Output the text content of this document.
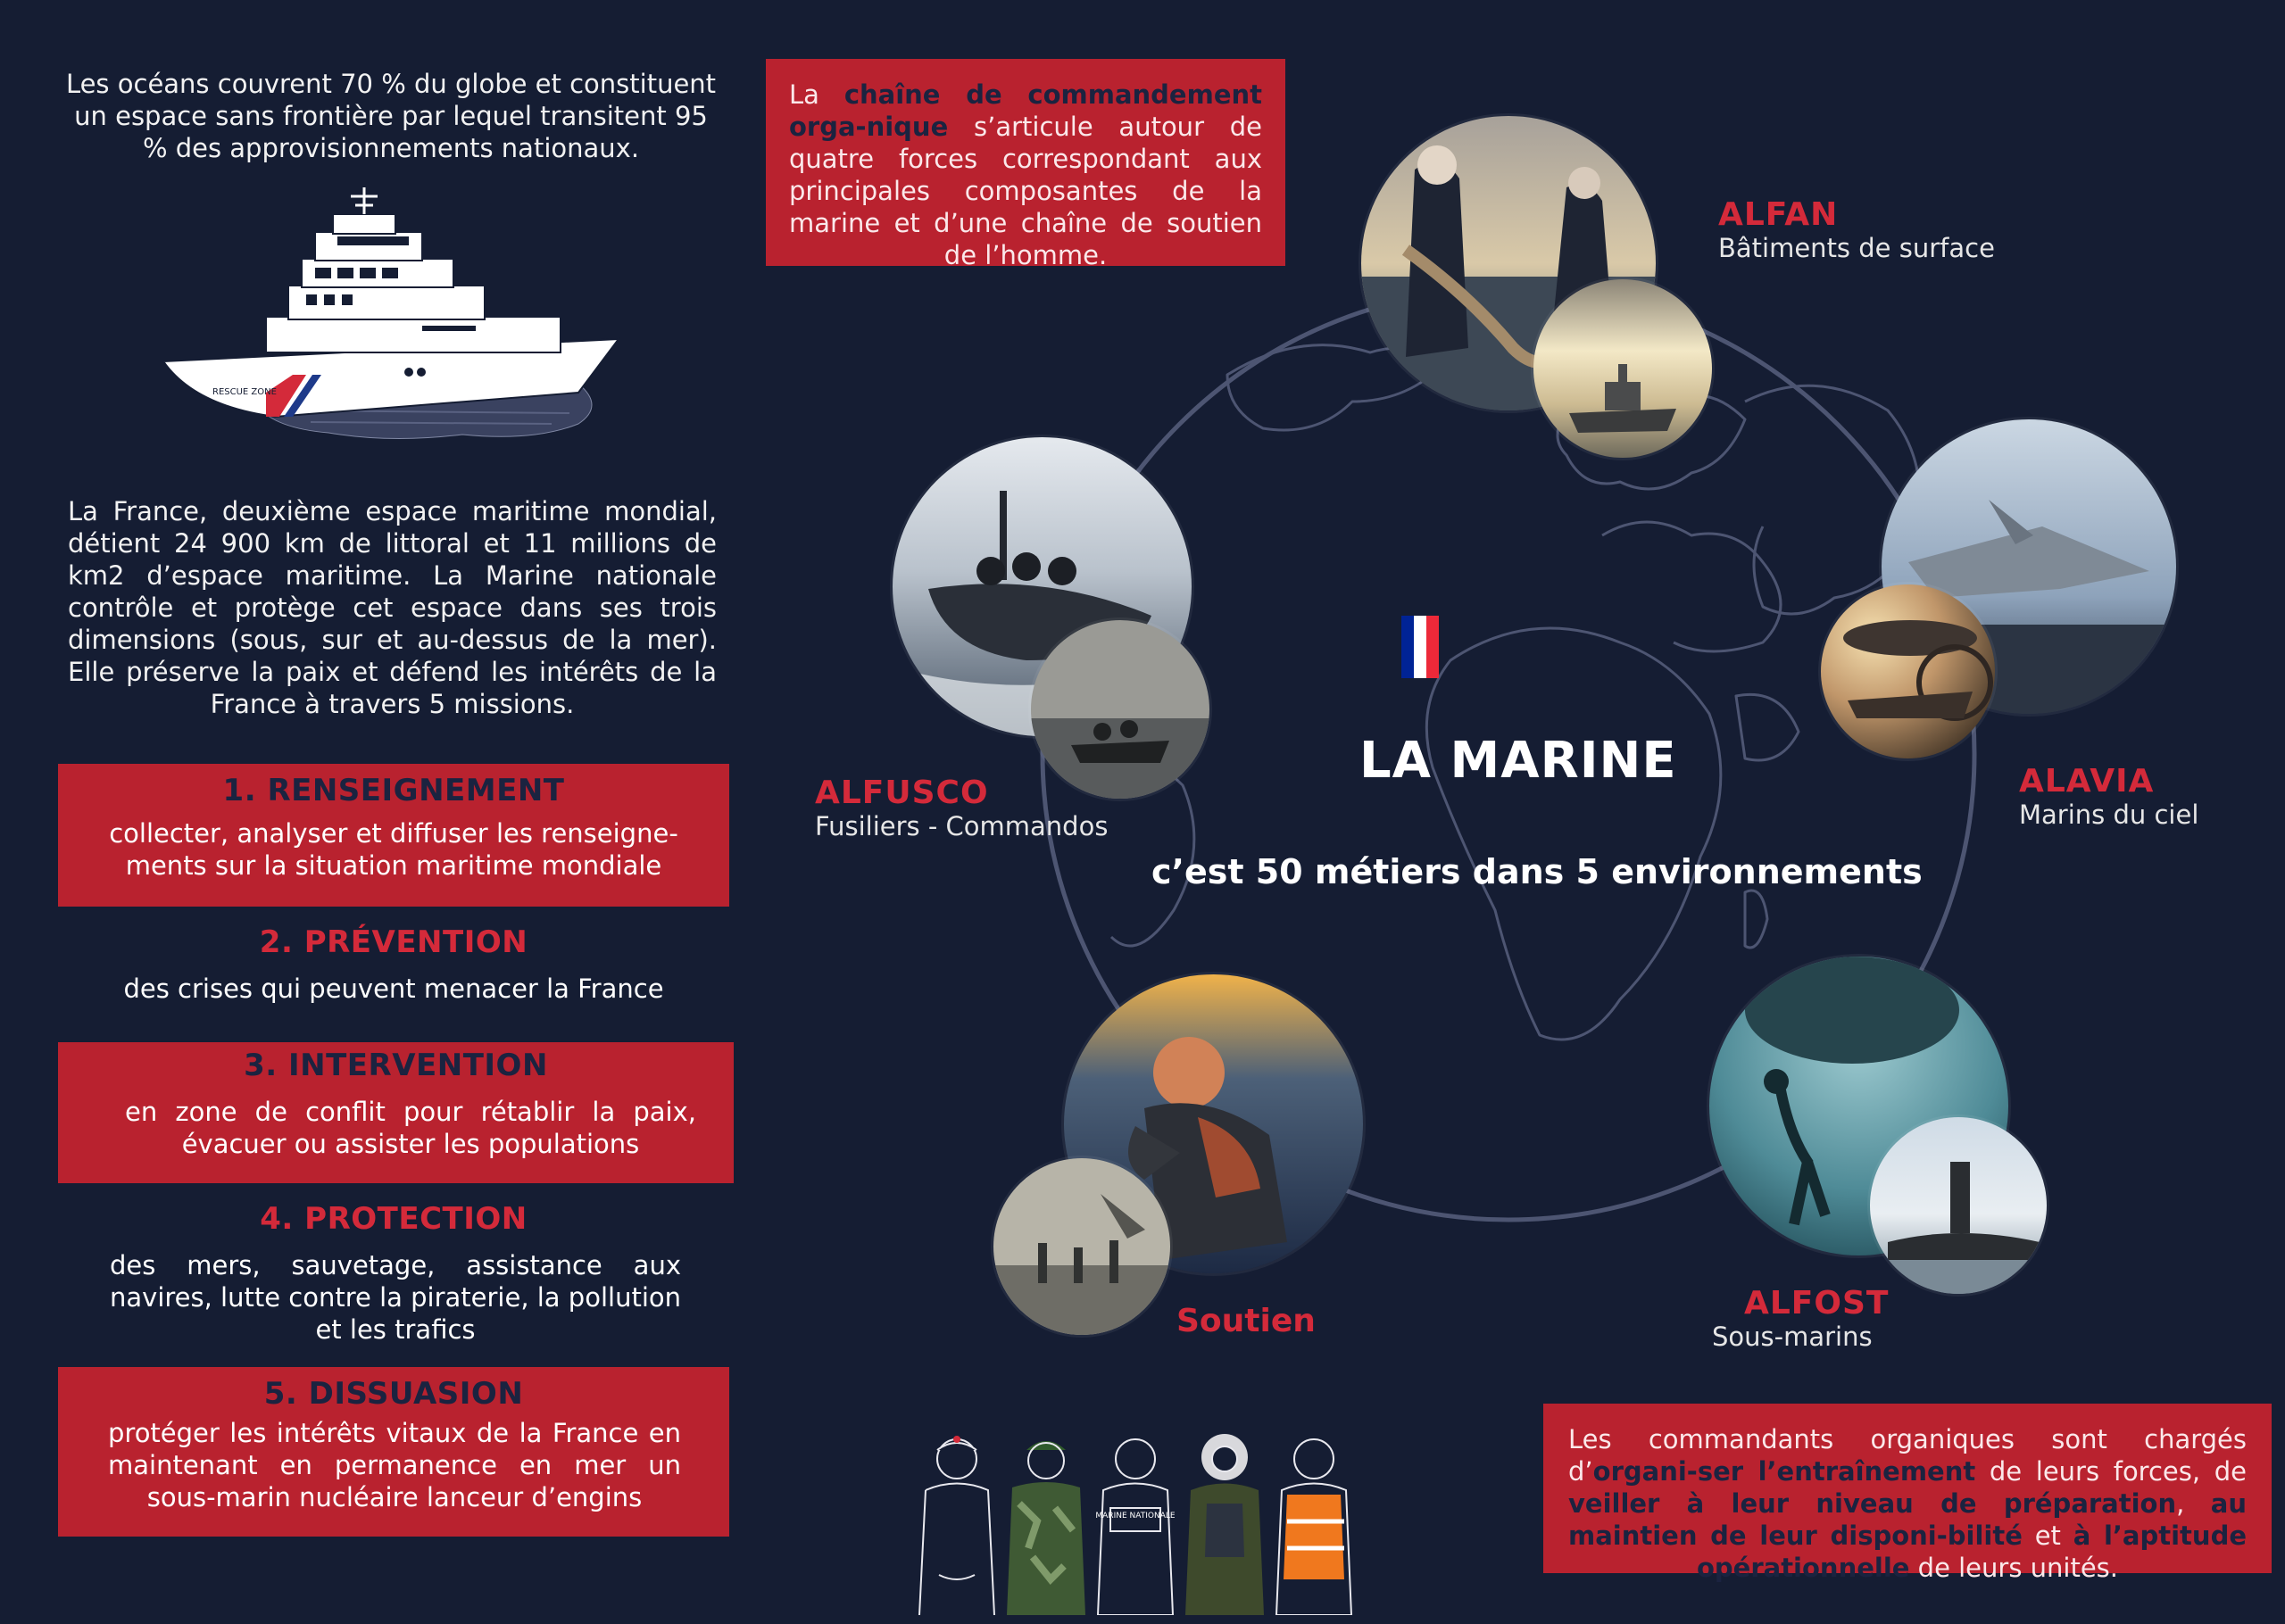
Les océans couvrent 70 % du globe et constituent un espace sans frontière par lequel transitent 95 % des approvisionnements nationaux.
RESCUE ZONE
La France, deuxième espace maritime mondial, détient 24 900 km de littoral et 11 millions de km2 d’espace maritime. La Marine nationale contrôle et protège cet espace dans ses trois dimensions (sous, sur et au-dessus de la mer). Elle préserve la paix et défend les intérêts de la France à travers 5 missions.
1. RENSEIGNEMENT
collecter, analyser et diffuser les renseigne-ments sur la situation maritime mondiale
2. PRÉVENTION
des crises qui peuvent menacer la France
3. INTERVENTION
en zone de conflit pour rétablir la paix, évacuer ou assister les populations
4. PROTECTION
des mers, sauvetage, assistance aux navires, lutte contre la piraterie, la pollution et les trafics
5. DISSUASION
protéger les intérêts vitaux de la France en maintenant en permanence en mer un sous-marin nucléaire lanceur d’engins
La chaîne de commandement orga-nique s’articule autour de quatre forces correspondant aux principales composantes de la marine et d’une chaîne de soutien de l’homme.
LA MARINE
c’est 50 métiers dans 5 environnements
ALFAN
Bâtiments de surface
ALAVIA
Marins du ciel
ALFUSCO
Fusiliers - Commandos
ALFOST
Sous-marins
Soutien
MARINE NATIONALE
Les commandants organiques sont chargés d’organi-ser l’entraînement de leurs forces, de veiller à leur niveau de préparation, au maintien de leur disponi-bilité et à l’aptitude opérationnelle de leurs unités.
